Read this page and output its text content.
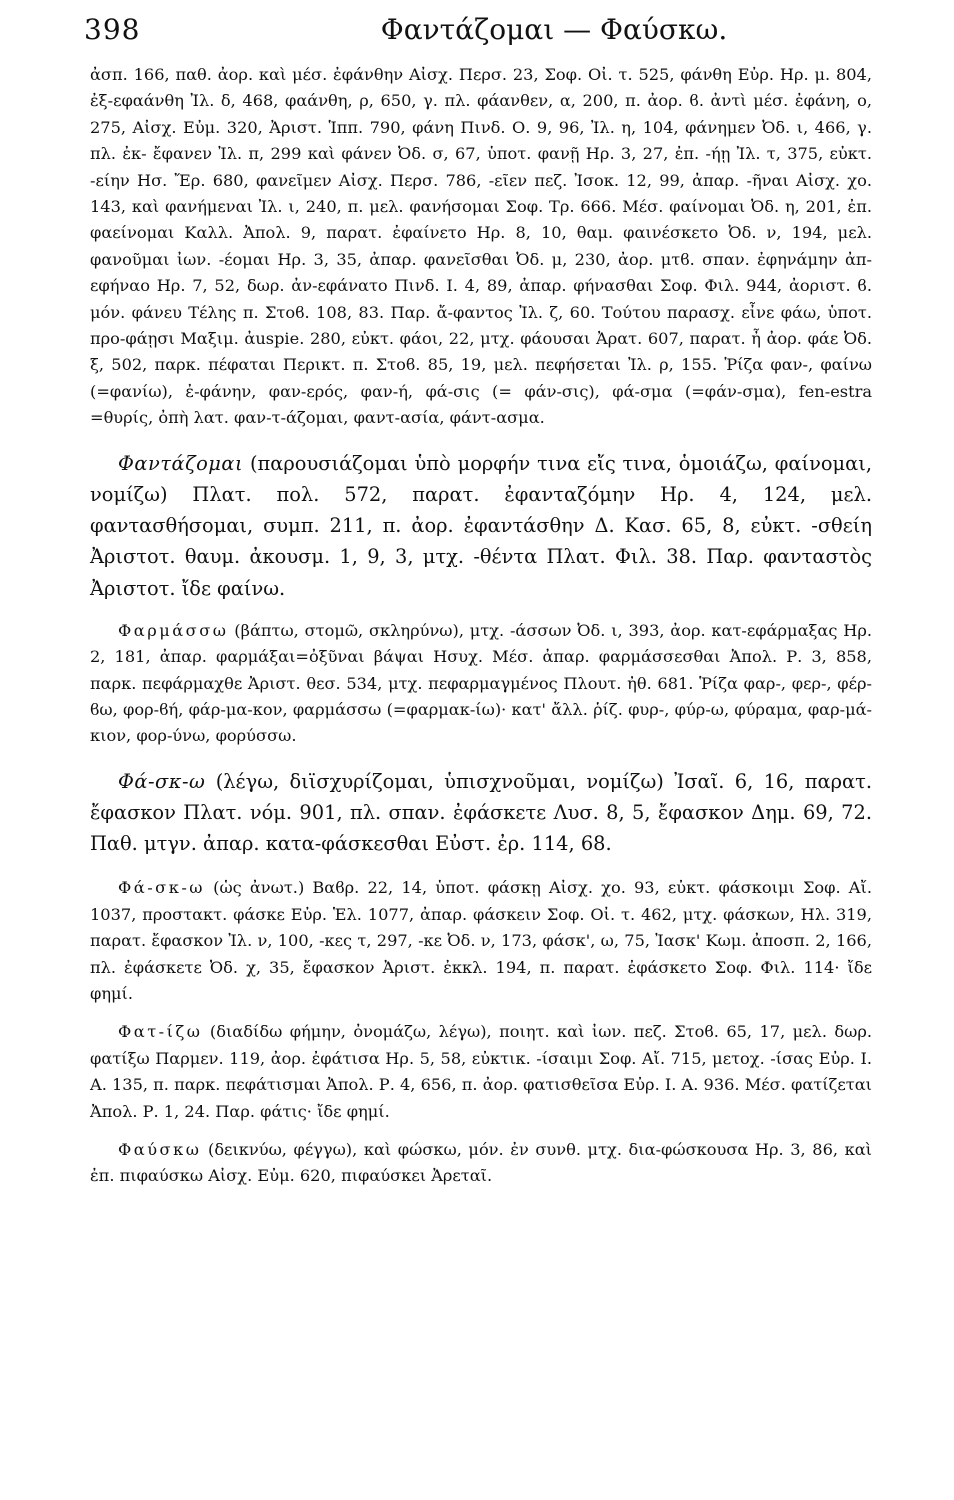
398	Φαντάζομαι — Φαύσκω.

ἀσπ. 166, παθ. ἀορ. καὶ μέσ. ἐφάνθην Αἰσχ. Περσ. 23, Σοφ. Οἰ. τ. 525, φάνθη Εὐρ. Ηρ. μ. 804, ἐξ-εφαάνθη Ἰλ. δ, 468, φαάνθη, ρ, 650, γ. πλ. φάανθεν, α, 200, π. ἀορ. ϐ. ἀντὶ μέσ. ἐφάνη, ο, 275, Αἰσχ. Εὐμ. 320, Ἀριστ. Ἱππ. 790, φάνη Πινδ. Ο. 9, 96, Ἰλ. η, 104, φάνημεν Ὀδ. ι, 466, γ. πλ. ἐκ- ἔφανεν Ἰλ. π, 299 καὶ φάνεν Ὀδ. σ, 67, ὑποτ. φανῇ Ηρ. 3, 27, ἐπ. -ήῃ Ἰλ. τ, 375, εὐκτ. -είην Ησ. Ἔρ. 680, φανεῖμεν Αἰσχ. Περσ. 786, -εῖεν πεζ. Ἰσοκ. 12, 99, ἀπαρ. -ῆναι Αἰσχ. χο. 143, καὶ φανήμεναι Ἰλ. ι, 240, π. μελ. φανήσομαι Σοφ. Τρ. 666. Μέσ. φαίνομαι Ὀδ. η, 201, ἐπ. φαείνομαι Καλλ. Ἀπολ. 9, παρατ. ἐφαίνετο Ηρ. 8, 10, θαμ. φαινέσκετο Ὀδ. ν, 194, μελ. φανοῦμαι ἰων. -έομαι Ηρ. 3, 35, ἀπαρ. φανεῖσθαι Ὀδ. μ, 230, ἀορ. μτϐ. σπαν. ἐφηνάμην ἀπ-εφήναο Ηρ. 7, 52, δωρ. ἀν-εφάνατο Πινδ. Ι. 4, 89, ἀπαρ. φήνασθαι Σοφ. Φιλ. 944, ἀοριστ. ϐ. μόν. φάνευ Τέλης π. Στοϐ. 108, 83. Παρ. ἄ-φαντος Ἰλ. ζ, 60. Τούτου παρασχ. εἶνε φάω, ὑποτ. προ-φάῃσι Μαξιμ. ἀuspie. 280, εὐκτ. φάοι, 22, μτχ. φάουσαι Ἀρατ. 607, παρατ. ἦ ἀορ. φάε Ὀδ. ξ, 502, παρκ. πέφαται Περικτ. π. Στοϐ. 85, 19, μελ. πεφήσεται Ἰλ. ρ, 155. Ῥίζα φαν-, φαίνω (=φανίω), ἐ-φάνην, φαν-ερός, φαν-ή, φά-σις (= φάν-σις), φά-σμα (=φάν-σμα), fen-estra =θυρίς, ὀπὴ λατ. φαν-τ-άζομαι, φαντ-ασία, φάντ-ασμα.

Φαντάζομαι (παρουσιάζομαι ὑπὸ μορφήν τινα εἴς τινα, ὁμοιάζω, φαίνομαι, νομίζω) Πλατ. πολ. 572, παρατ. ἐφανταζόμην Ηρ. 4, 124, μελ. φαντασθήσομαι, συμπ. 211, π. ἀορ. ἐφαντάσθην Δ. Κασ. 65, 8, εὐκτ. -σθείη Ἀριστοτ. θαυμ. ἀκουσμ. 1, 9, 3, μτχ. -θέντα Πλατ. Φιλ. 38. Παρ. φανταστὸς Ἀριστοτ. ἴδε φαίνω.

Φαρμάσσω (βάπτω, στομῶ, σκληρύνω), μτχ. -άσσων Ὀδ. ι, 393, ἀορ. κατ-εφάρμαξας Ηρ. 2, 181, ἀπαρ. φαρμάξαι=ὀξῦναι βάψαι Ησυχ. Μέσ. ἀπαρ. φαρμάσσεσθαι Ἀπολ. Ρ. 3, 858, παρκ. πεφάρμαχθε Ἀριστ. θεσ. 534, μτχ. πεφαρμαγμένος Πλουτ. ἠθ. 681. Ῥίζα φαρ-, φερ-, φέρ-ϐω, φορ-ϐή, φάρ-μα-κον, φαρμάσσω (=φαρμακ-ίω)· κατ' ἄλλ. ῥίζ. φυρ-, φύρ-ω, φύραμα, φαρ-μά-κιον, φορ-ύνω, φορύσσω.

Φά-σκ-ω (λέγω, διϊσχυρίζομαι, ὑπισχνοῦμαι, νομίζω) Ἰσαῖ. 6, 16, παρατ. ἔφασκον Πλατ. νόμ. 901, πλ. σπαν. ἐφάσκετε Λυσ. 8, 5, ἔφασκον Δημ. 69, 72. Παθ. μτγν. ἀπαρ. κατα-φάσκεσθαι Εὐστ. ἐρ. 114, 68.

Φά-σκ-ω (ὡς ἀνωτ.) Βαϐρ. 22, 14, ὑποτ. φάσκῃ Αἰσχ. χο. 93, εὐκτ. φάσκοιμι Σοφ. Αἴ. 1037, προστακτ. φάσκε Εὐρ. Ἑλ. 1077, ἀπαρ. φάσκειν Σοφ. Οἰ. τ. 462, μτχ. φάσκων, Ηλ. 319, παρατ. ἔφασκον Ἰλ. ν, 100, -κες τ, 297, -κε Ὀδ. ν, 173, φάσκ', ω, 75, Ἰασκ' Κωμ. ἀποσπ. 2, 166, πλ. ἐφάσκετε Ὀδ. χ, 35, ἔφασκον Ἀριστ. ἐκκλ. 194, π. παρατ. ἐφάσκετο Σοφ. Φιλ. 114· ἴδε φημί.

Φατ-ίζω (διαδίδω φήμην, ὀνομάζω, λέγω), ποιητ. καὶ ἰων. πεζ. Στοϐ. 65, 17, μελ. δωρ. φατίξω Παρμεν. 119, ἀορ. ἐφάτισα Ηρ. 5, 58, εὐκτικ. -ίσαιμι Σοφ. Αἴ. 715, μετοχ. -ίσας Εὐρ. Ι. Α. 135, π. παρκ. πεφάτισμαι Ἀπολ. Ρ. 4, 656, π. ἀορ. φατισθεῖσα Εὐρ. Ι. Α. 936. Μέσ. φατίζεται Ἀπολ. Ρ. 1, 24. Παρ. φάτις· ἴδε φημί.

Φαύσκω (δεικνύω, φέγγω), καὶ φώσκω, μόν. ἐν συνθ. μτχ. δια-φώσκουσα Ηρ. 3, 86, καὶ ἐπ. πιφαύσκω Αἰσχ. Εὐμ. 620, πιφαύσκει Ἀρεταῖ.
